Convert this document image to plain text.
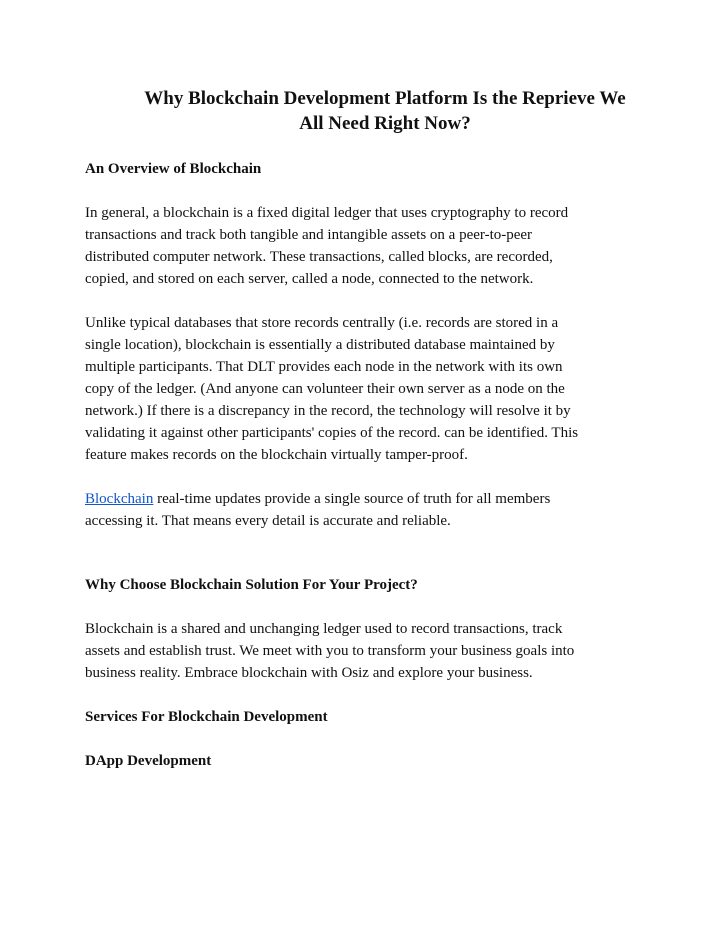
Why Blockchain Development Platform Is the Reprieve We
All Need Right Now?

An Overview of Blockchain

In general, a blockchain is a fixed digital ledger that uses cryptography to record
transactions and track both tangible and intangible assets on a peer-to-peer
distributed computer network. These transactions, called blocks, are recorded,
copied, and stored on each server, called a node, connected to the network.

Unlike typical databases that store records centrally (i.e. records are stored in a
single location), blockchain is essentially a distributed database maintained by
multiple participants. That DLT provides each node in the network with its own
copy of the ledger. (And anyone can volunteer their own server as a node on the
network.) If there is a discrepancy in the record, the technology will resolve it by
validating it against other participants' copies of the record. can be identified. This
feature makes records on the blockchain virtually tamper-proof.

Blockchain real-time updates provide a single source of truth for all members
accessing it. That means every detail is accurate and reliable.

Why Choose Blockchain Solution For Your Project?

Blockchain is a shared and unchanging ledger used to record transactions, track
assets and establish trust. We meet with you to transform your business goals into
business reality. Embrace blockchain with Osiz and explore your business.

Services For Blockchain Development

DApp Development
